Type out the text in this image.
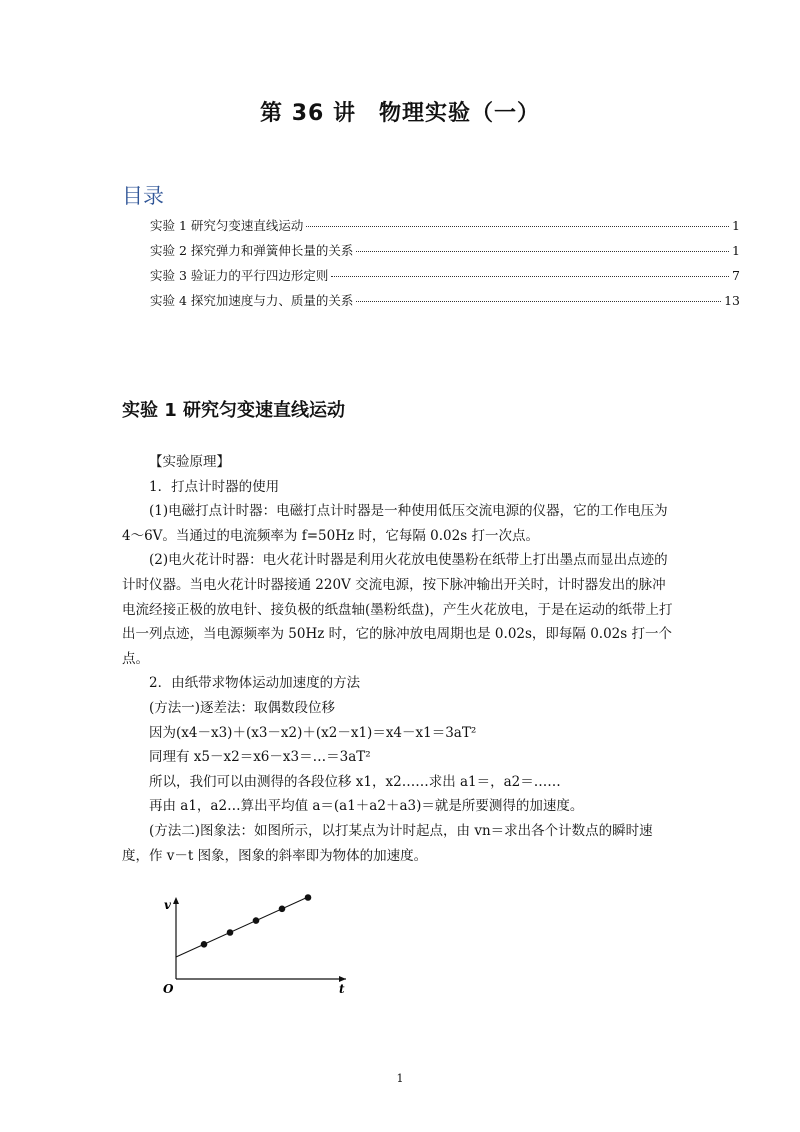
第 36 讲　物理实验（一）
目录
实验 1 研究匀变速直线运动	1
实验 2 探究弹力和弹簧伸长量的关系	1
实验 3 验证力的平行四边形定则	7
实验 4 探究加速度与力、质量的关系	13
实验 1 研究匀变速直线运动

【实验原理】

1．打点计时器的使用

(1)电磁打点计时器：电磁打点计时器是一种使用低压交流电源的仪器，它的工作电压为 4～6V。当通过的电流频率为 f=50Hz 时，它每隔 0.02s 打一次点。

(2)电火花计时器：电火花计时器是利用火花放电使墨粉在纸带上打出墨点而显出点迹的计时仪器。当电火花计时器接通 220V 交流电源，按下脉冲输出开关时，计时器发出的脉冲电流经接正极的放电针、接负极的纸盘轴(墨粉纸盘)，产生火花放电，于是在运动的纸带上打出一列点迹，当电源频率为 50Hz 时，它的脉冲放电周期也是 0.02s，即每隔 0.02s 打一个点。

2．由纸带求物体运动加速度的方法

(方法一)逐差法：取偶数段位移

因为(x4－x3)＋(x3－x2)＋(x2－x1)＝x4－x1＝3aT²

同理有 x5－x2＝x6－x3＝…＝3aT²

所以，我们可以由测得的各段位移 x1，x2……求出 a1＝，a2＝……

再由 a1，a2…算出平均值 a＝(a1＋a2＋a3)＝就是所要测得的加速度。

(方法二)图象法：如图所示，以打某点为计时起点，由 vn＝求出各个计数点的瞬时速度，作 v－t 图象，图象的斜率即为物体的加速度。

v
t
O
1
